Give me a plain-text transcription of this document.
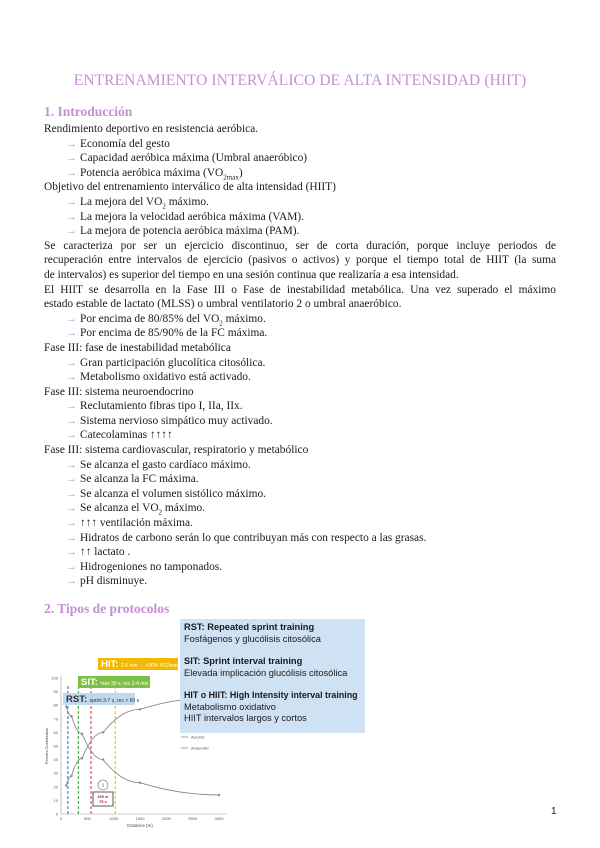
ENTRENAMIENTO INTERVÁLICO DE ALTA INTENSIDAD (HIIT)
1. Introducción
Rendimiento deportivo en resistencia aeróbica.
→ Economía del gesto
→ Capacidad aeróbica máxima (Umbral anaeróbico)
→ Potencia aeróbica máxima $(VO_{2max})$
Objetivo del entrenamiento interválico de alta intensidad (HIIT)
→ La mejora del $VO_2$ máximo.
→ La mejora la velocidad aeróbica máxima (VAM).
→ La mejora de potencia aeróbica máxima (PAM).
Se caracteriza por ser un ejercicio discontinuo, ser de corta duración, porque incluye periodos de
recuperación entre intervalos de ejercicio (pasivos o activos) y porque el tiempo total de HIIT (la suma
de intervalos) es superior del tiempo en una sesión continua que realizaría a esa intensidad.
El HIIT se desarrolla en la Fase III o Fase de inestabilidad metabólica. Una vez superado el máximo
estado estable de lactato (MLSS) o umbral ventilatorio 2 o umbral anaeróbico.
→ Por encima de 80/85% del $VO_2$ máximo.
→ Por encima de 85/90% de la FC máxima.
Fase III: fase de inestabilidad metabólica
→ Gran participación glucolítica citosólica.
→ Metabolismo oxidativo está activado.
Fase III: sistema neuroendocrino
→ Reclutamiento fibras tipo I, IIa, IIx.
→ Sistema nervioso simpático muy activado.
→ Catecolaminas ↑↑↑↑
Fase III: sistema cardiovascular, respiratorio y metabólico
→ Se alcanza el gasto cardíaco máximo.
→ Se alcanza la FC máxima.
→ Se alcanza el volumen sistólico máximo.
→ Se alcanza el $VO_2$ máximo.
→ ↑↑↑ ventilación máxima.
→ Hidratos de carbono serán lo que contribuyan más con respecto a las grasas.
→ ↑↑ lactato .
→ Hidrogeniones no tamponados.
→ pH disminuye.
2. Tipos de protocolos
0
10
20
30
40
50
60
70
80
90
100
0	500	1000	1500	2000	2500	3000
Distance (m)
Percent Contribution	Aerobic
Anaerobic
1
600 m
75 s
HIT: 2-6 min → >90% VO2max
SIT: max 30 s, rec 2-4 min
RST: sprint 3-7 s, rec < 60 s
RST: Repeated sprint training
Fosfágenos y glucólisis citosólica
SIT: Sprint interval training
Elevada implicación glucólisis citosólica
HIT o HIIT: High Intensity interval training
Metabolismo oxidativo
HIIT intervalos largos y cortos
1
